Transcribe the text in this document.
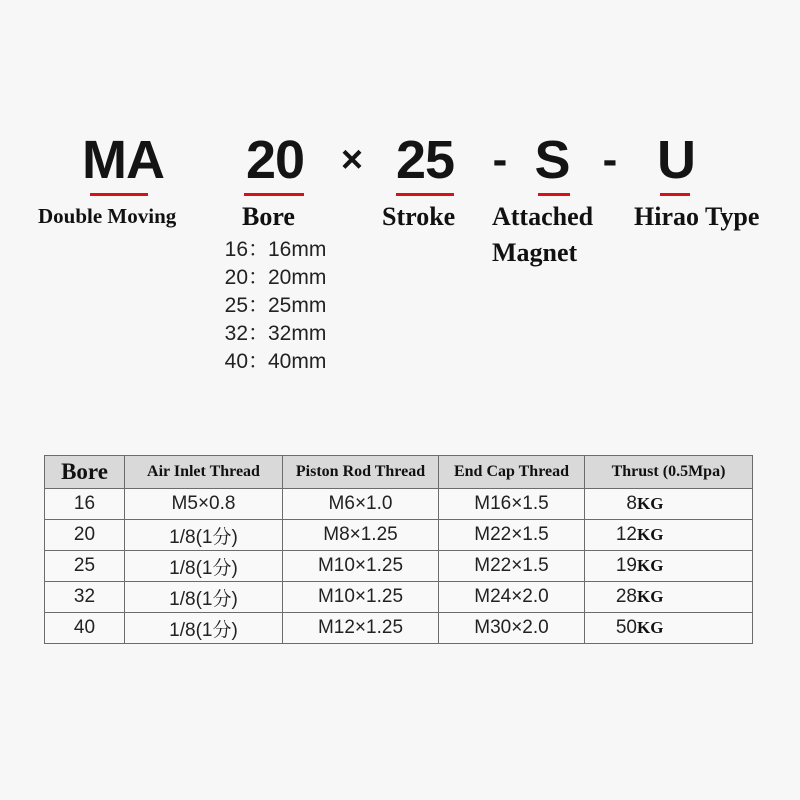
MA 20 × 25 - S - U
Double Moving	Bore	Stroke Attached
Magnet
Hirao Type
16：16mm
20：20mm
25：25mm
32：32mm
40：40mm
Bore	Air Inlet Thread	Piston Rod Thread	End Cap Thread	Thrust (0.5Mpa)
16	M5×0.8	M6×1.0	M16×1.5	8KG
20	1/8(1分)	M8×1.25	M22×1.5	12KG
25	1/8(1分)	M10×1.25	M22×1.5	19KG
32	1/8(1分)	M10×1.25	M24×2.0	28KG
40	1/8(1分)	M12×1.25	M30×2.0	50KG
